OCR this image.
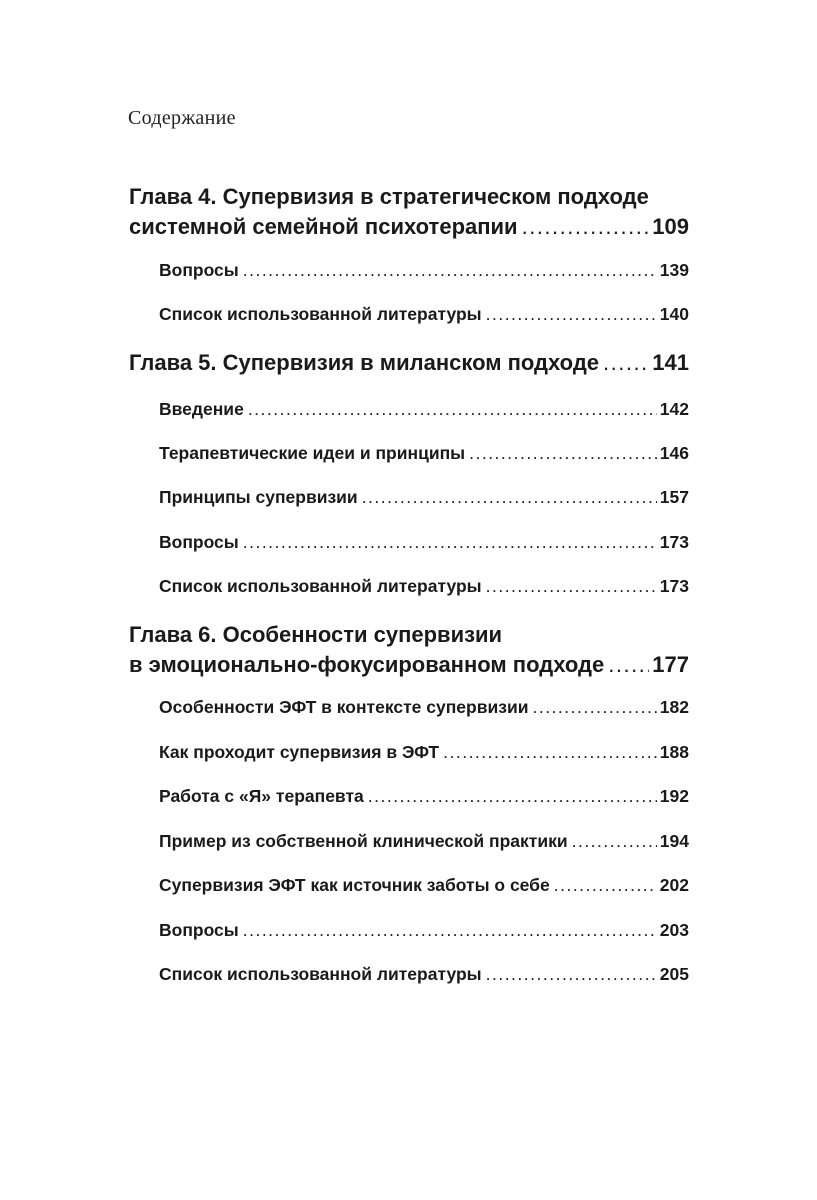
Содержание
Глава 4. Супервизия в стратегическом подходе
системной семейной психотерапии .....	109
Вопросы .....	139
Список использованной литературы .....	140
Глава 5. Супервизия в миланском подходе ..... 141
Введение .....	142
Терапевтические идеи и принципы .....	146
Принципы супервизии .....	157
Вопросы .....	173
Список использованной литературы .....	173
Глава 6. Особенности супервизии
в эмоционально-фокусированном подходе ..... 177
Особенности ЭФТ в контексте супервизии .....	182
Как проходит супервизия в ЭФТ .....	188
Работа с «Я» терапевта .....	192
Пример из собственной клинической практики .....	194
Супервизия ЭФТ как источник заботы о себе .....	202
Вопросы .....	203
Список использованной литературы .....	205
